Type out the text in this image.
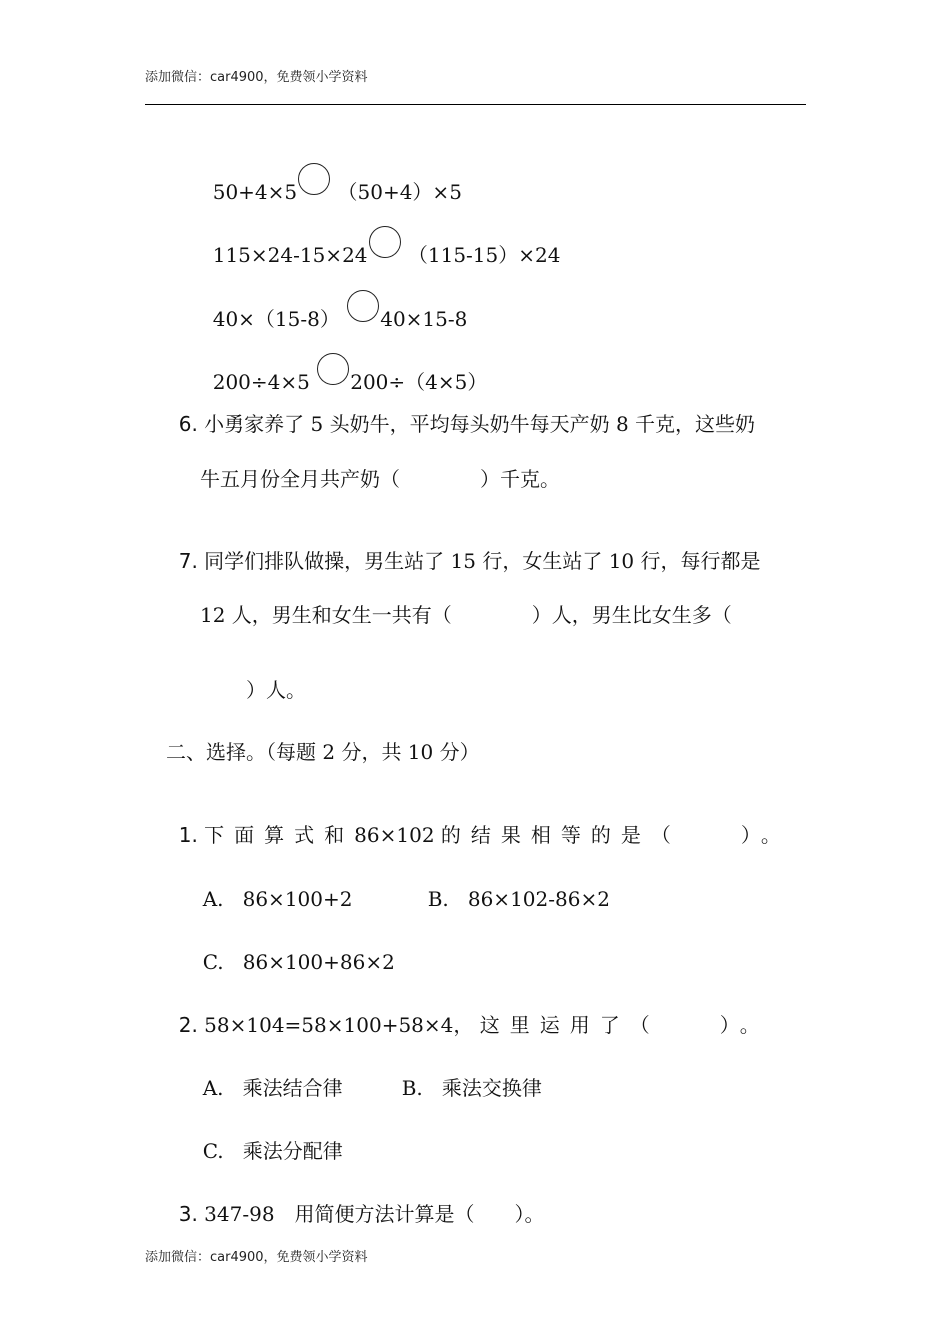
添加微信：car4900，免费领小学资料

50+4×5 （50+4）×5

115×24-15×24 （115-15）×24

40×（15-8） 40×15-8

200÷4×5 200÷（4×5）

6. 小勇家养了 5 头奶牛，平均每头奶牛每天产奶 8 千克，这些奶

牛五月份全月共产奶（　　　　）千克。

7. 同学们排队做操，男生站了 15 行，女生站了 10 行，每行都是

12 人，男生和女生一共有（　　　　）人，男生比女生多（
）人。
二、选择。（每题 2 分，共 10 分）

1. 下面算式和86×102 的结果相等的是（　　）。

A. 86×100+2	B. 86×102-86×2

C. 86×100+86×2

2. 58×104=58×100+58×4， 这里运用了（　　）。

A. 乘法结合律	B. 乘法交换律

C. 乘法分配律

3. 347-98　用简便方法计算是（　　）。

添加微信：car4900，免费领小学资料
